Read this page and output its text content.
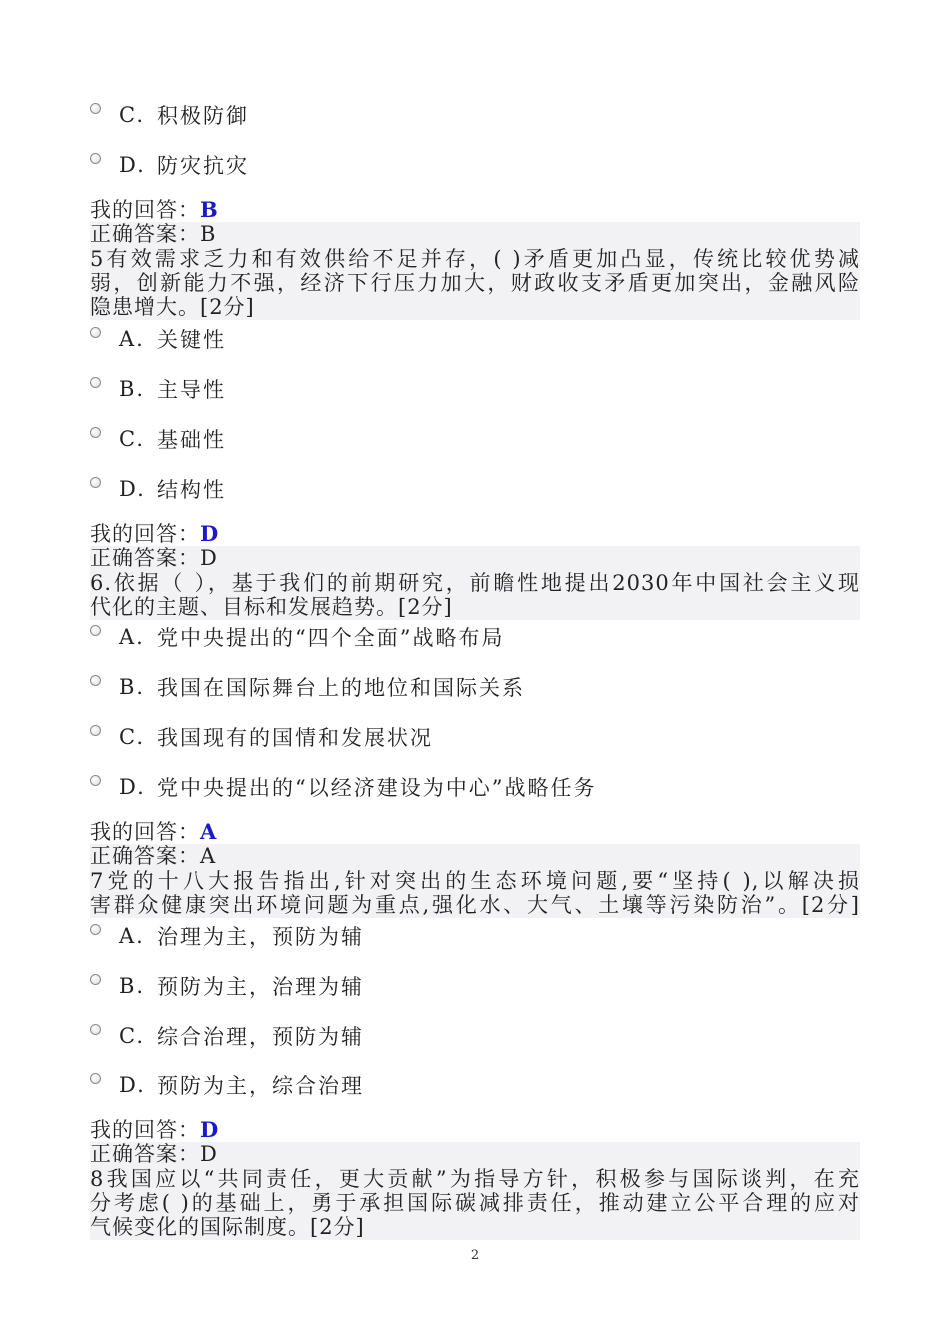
C. 积极防御
D. 防灾抗灾
我的回答：B
正确答案：B
5有效需求乏力和有效供给不足并存，( )矛盾更加凸显，传统比较优势减
弱，创新能力不强，经济下行压力加大，财政收支矛盾更加突出，金融风险
隐患增大。[2分]
A. 关键性
B. 主导性
C. 基础性
D. 结构性
我的回答：D
正确答案：D
6.依据（ ），基于我们的前期研究，前瞻性地提出2030年中国社会主义现
代化的主题、目标和发展趋势。[2分]
A. 党中央提出的“四个全面”战略布局
B. 我国在国际舞台上的地位和国际关系
C. 我国现有的国情和发展状况
D. 党中央提出的“以经济建设为中心”战略任务
我的回答：A
正确答案：A
7党的十八大报告指出,针对突出的生态环境问题,要“坚持( ),以解决损
害群众健康突出环境问题为重点,强化水、大气、土壤等污染防治”。[2分]
A. 治理为主，预防为辅
B. 预防为主，治理为辅
C. 综合治理，预防为辅
D. 预防为主，综合治理
我的回答：D
正确答案：D
8我国应以“共同责任，更大贡献”为指导方针，积极参与国际谈判，在充
分考虑( )的基础上，勇于承担国际碳减排责任，推动建立公平合理的应对
气候变化的国际制度。[2分]
2
